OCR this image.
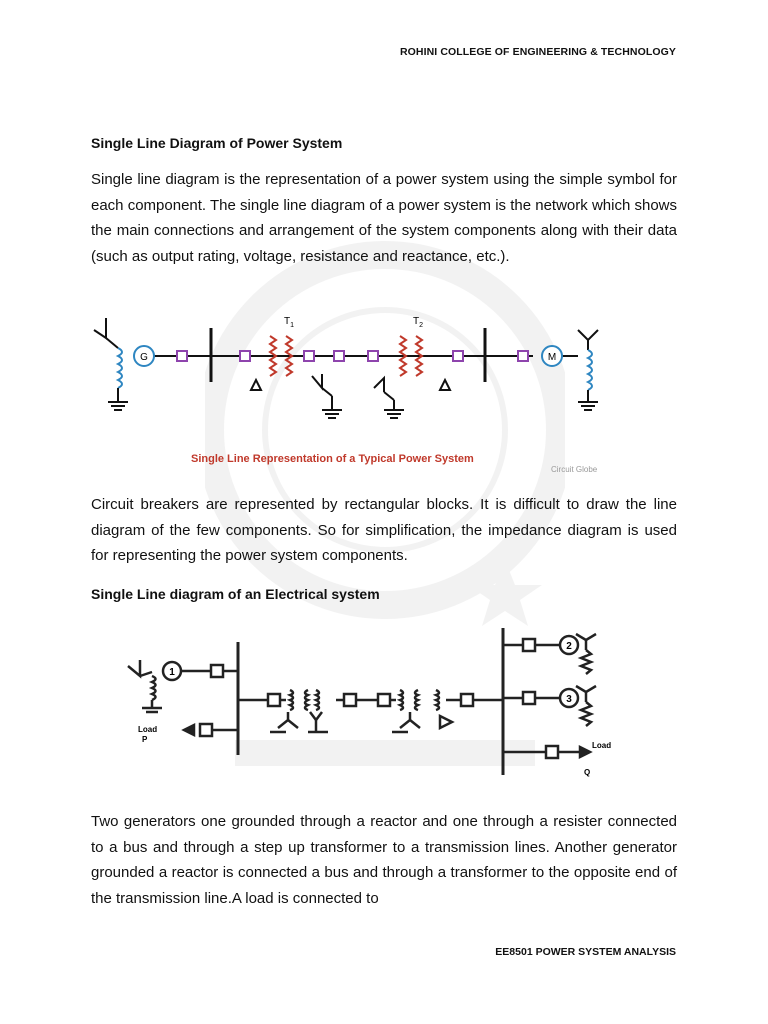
ROHINI COLLEGE OF ENGINEERING & TECHNOLOGY
Single Line Diagram of Power System
Single line diagram is the representation of a power system using the simple symbol for each component. The single line diagram of a power system is the network which shows the main connections and arrangement of the system components along with their data (such as output rating, voltage, resistance and reactance, etc.).
G	M
$T_1$	$T_2$
Single Line Representation of a Typical Power System
Circuit Globe
Circuit breakers are represented by rectangular blocks. It is difficult to draw the line diagram of the few components. So for simplification, the impedance diagram is used for representing the power system components.
Single Line diagram of an Electrical system
1
2
3
Load
P
Load
Q
Two generators one grounded through a reactor and one through a resister connected to a bus and through a step up transformer to a transmission lines. Another generator grounded a reactor is connected a bus and through a transformer to the opposite end of the transmission line.A load is connected to
EE8501 POWER SYSTEM ANALYSIS
